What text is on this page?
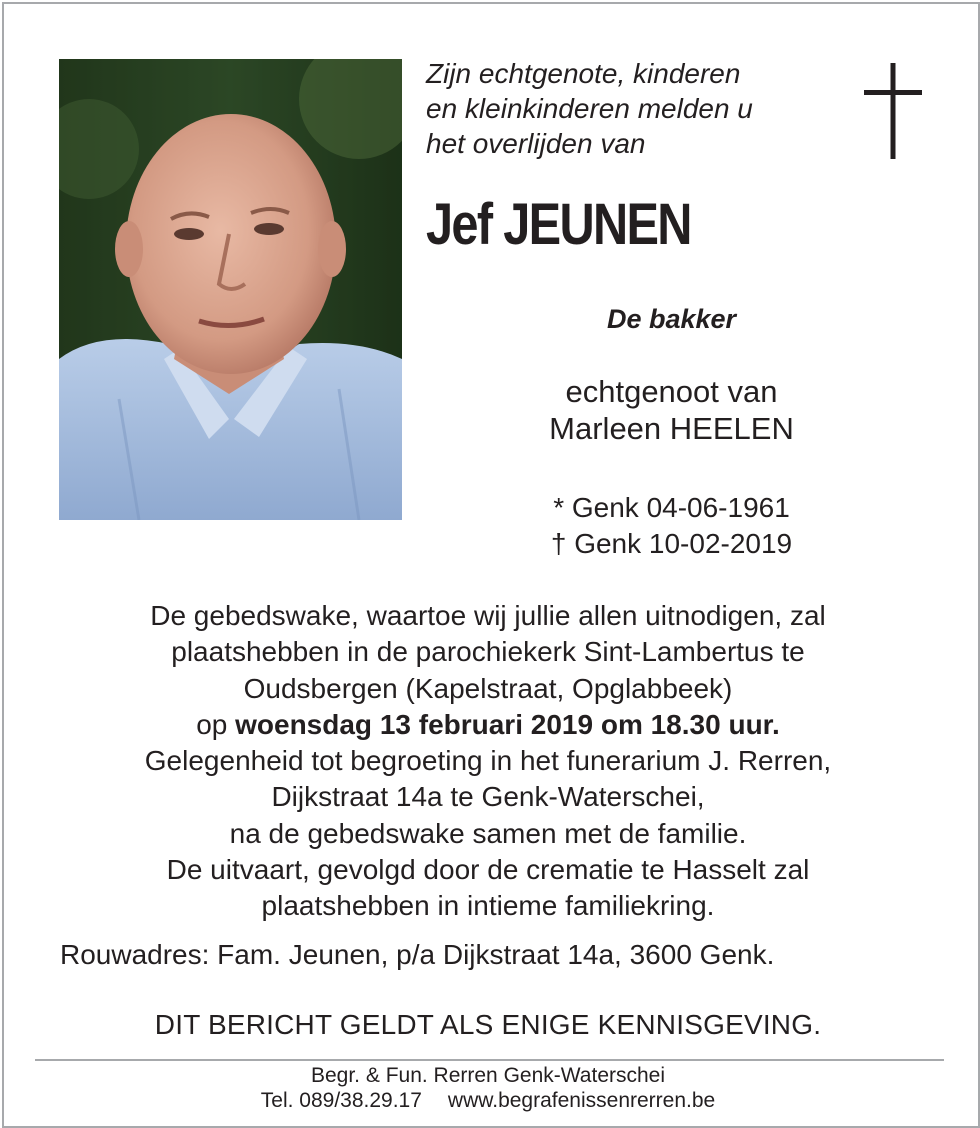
Zijn echtgenote, kinderen
en kleinkinderen melden u
het overlijden van
Jef JEUNEN
De bakker
echtgenoot van
Marleen HEELEN
* Genk 04-06-1961
† Genk 10-02-2019
De gebedswake, waartoe wij jullie allen uitnodigen, zal
plaatshebben in de parochiekerk Sint-Lambertus te
Oudsbergen (Kapelstraat, Opglabbeek)
op woensdag 13 februari 2019 om 18.30 uur.
Gelegenheid tot begroeting in het funerarium J. Rerren,
Dijkstraat 14a te Genk-Waterschei,
na de gebedswake samen met de familie.
De uitvaart, gevolgd door de crematie te Hasselt zal
plaatshebben in intieme familiekring.
Rouwadres: Fam. Jeunen, p/a Dijkstraat 14a, 3600 Genk.
DIT BERICHT GELDT ALS ENIGE KENNISGEVING.
Begr. & Fun. Rerren Genk-Waterschei
Tel. 089/38.29.17 www.begrafenissenrerren.be
